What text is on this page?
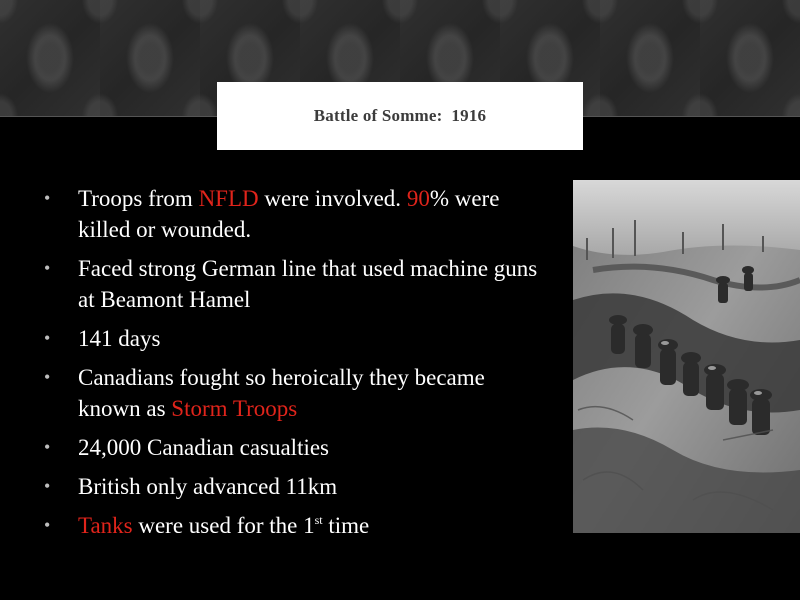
Battle of Somme:  1916
• Troops from NFLD were involved. 90% were killed or wounded.
• Faced strong German line that used machine guns at Beamont Hamel
• 141 days
• Canadians fought so heroically they became known as Storm Troops
• 24,000 Canadian casualties
• British only advanced 11km
• Tanks were used for the 1st time
